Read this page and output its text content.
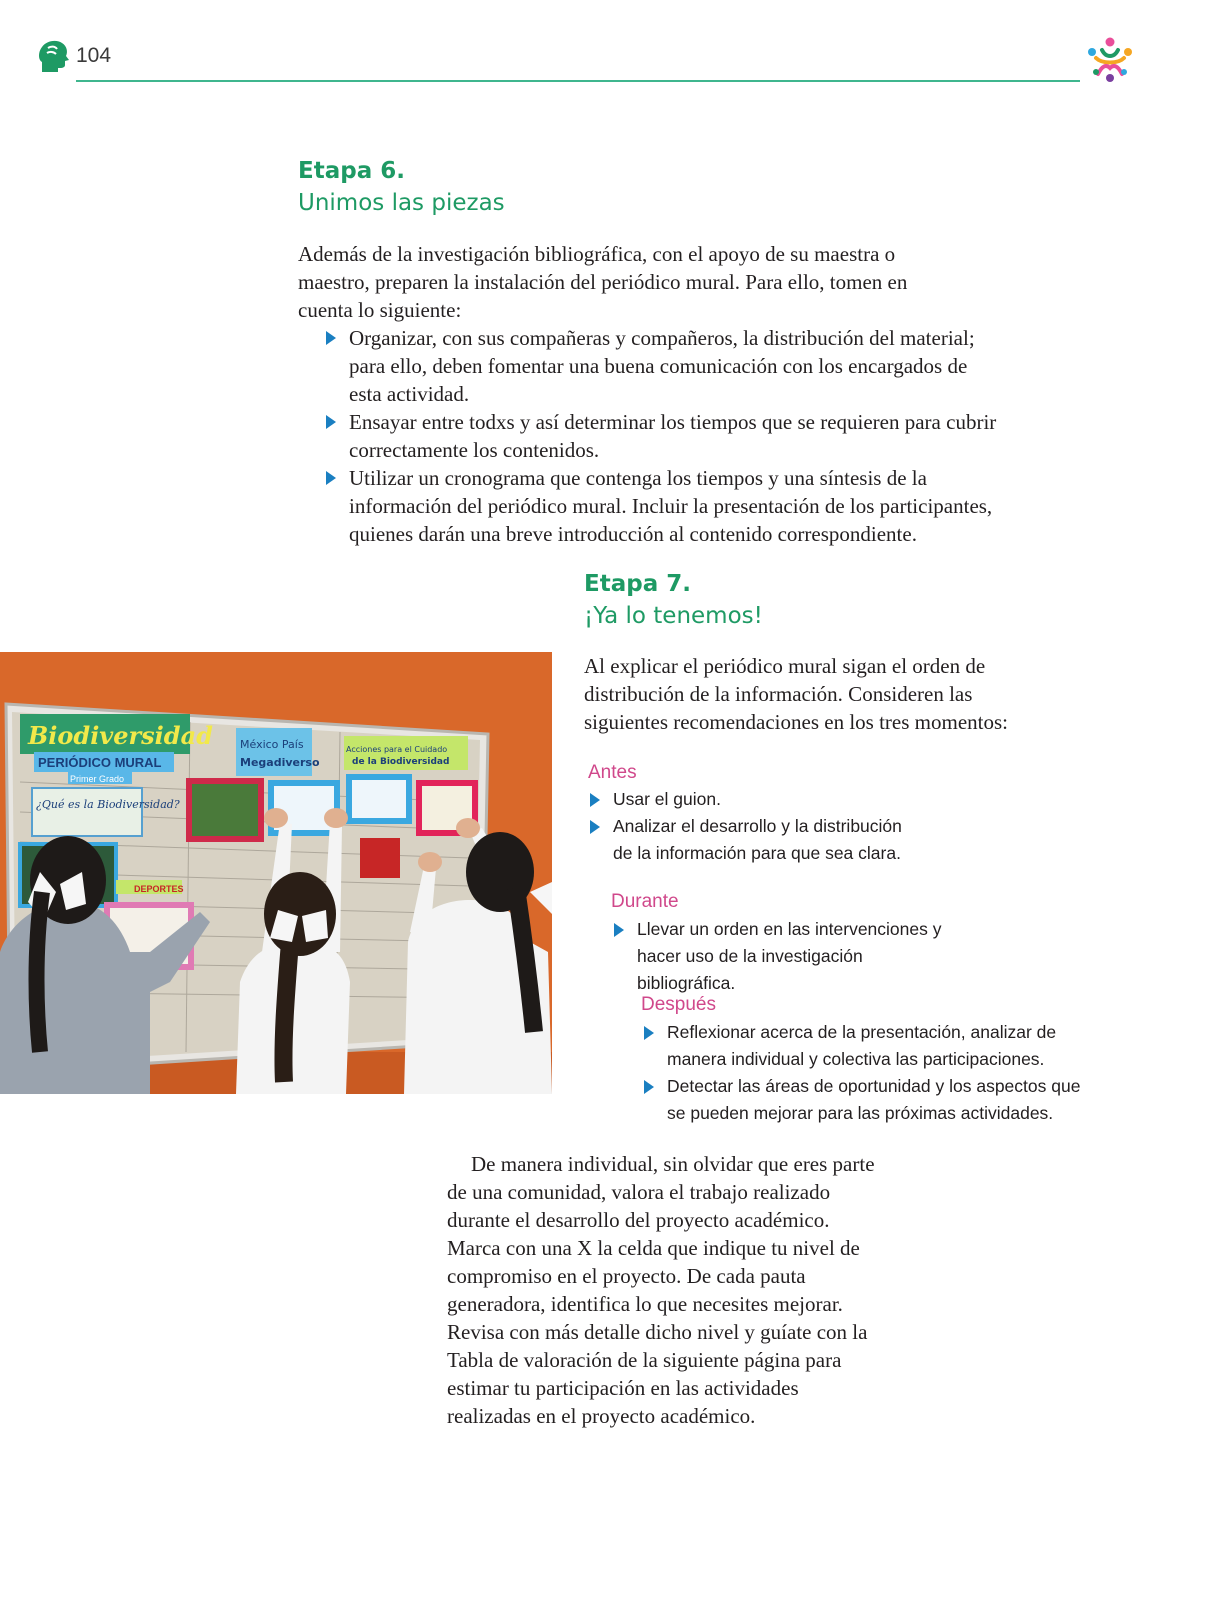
104
Etapa 6.
Unimos las piezas
Además de la investigación bibliográfica, con el apoyo de su maestra o maestro, preparen la instalación del periódico mural. Para ello, tomen en cuenta lo siguiente:
Organizar, con sus compañeras y compañeros, la distribución del material; para ello, deben fomentar una buena comunicación con los encargados de esta actividad.
Ensayar entre todxs y así determinar los tiempos que se requieren para cubrir correctamente los contenidos.
Utilizar un cronograma que contenga los tiempos y una síntesis de la información del periódico mural. Incluir la presentación de los participantes, quienes darán una breve introducción al contenido correspondiente.
Etapa 7.
¡Ya lo tenemos!
Al explicar el periódico mural sigan el orden de distribución de la información. Consideren las siguientes recomendaciones en los tres momentos:
Antes
Usar el guion.
Analizar el desarrollo y la distribución de la información para que sea clara.
Durante
Llevar un orden en las intervenciones y hacer uso de la investigación bibliográfica.
Después
Reflexionar acerca de la presentación, analizar de manera individual y colectiva las participaciones.
Detectar las áreas de oportunidad y los aspectos que se pueden mejorar para las próximas actividades.
Biodiversidad
PERIÓDICO MURAL
Primer Grado
¿Qué es la Biodiversidad?
México País
Megadiverso
Acciones para el Cuidado
de la Biodiversidad
DEPORTES
De manera individual, sin olvidar que eres parte de una comunidad, valora el trabajo realizado durante el desarrollo del proyecto académico. Marca con una X la celda que indique tu nivel de compromiso en el proyecto. De cada pauta generadora, identifica lo que necesites mejorar. Revisa con más detalle dicho nivel y guíate con la Tabla de valoración de la siguiente página para estimar tu participación en las actividades realizadas en el proyecto académico.
